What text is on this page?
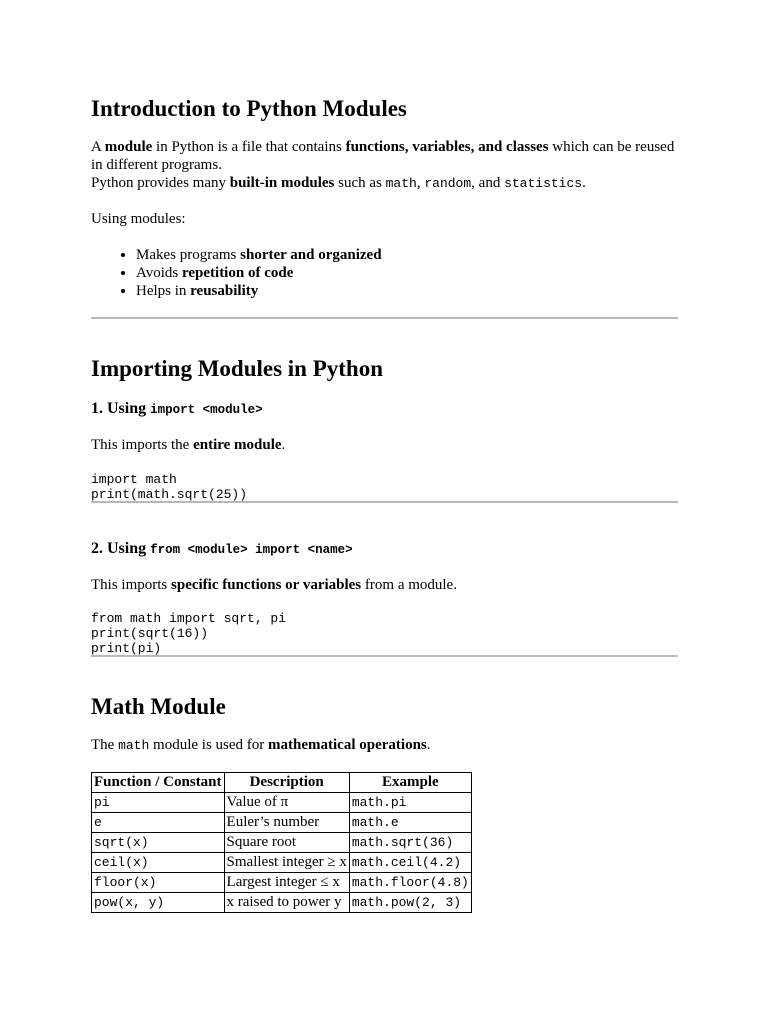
Introduction to Python Modules
A module in Python is a file that contains functions, variables, and classes which can be reused in different programs.
Python provides many built-in modules such as math, random, and statistics.
Using modules:
• Makes programs shorter and organized
• Avoids repetition of code
• Helps in reusability
Importing Modules in Python
1. Using import <module>
This imports the entire module.
import math
print(math.sqrt(25))
2. Using from <module> import <name>
This imports specific functions or variables from a module.
from math import sqrt, pi
print(sqrt(16))
print(pi)
Math Module
The math module is used for mathematical operations.
Function / Constant	Description	Example
pi	Value of π	math.pi
e	Euler’s number	math.e
sqrt(x)	Square root	math.sqrt(36)
ceil(x)	Smallest integer ≥ x	math.ceil(4.2)
floor(x)	Largest integer ≤ x	math.floor(4.8)
pow(x, y)	x raised to power y	math.pow(2, 3)
